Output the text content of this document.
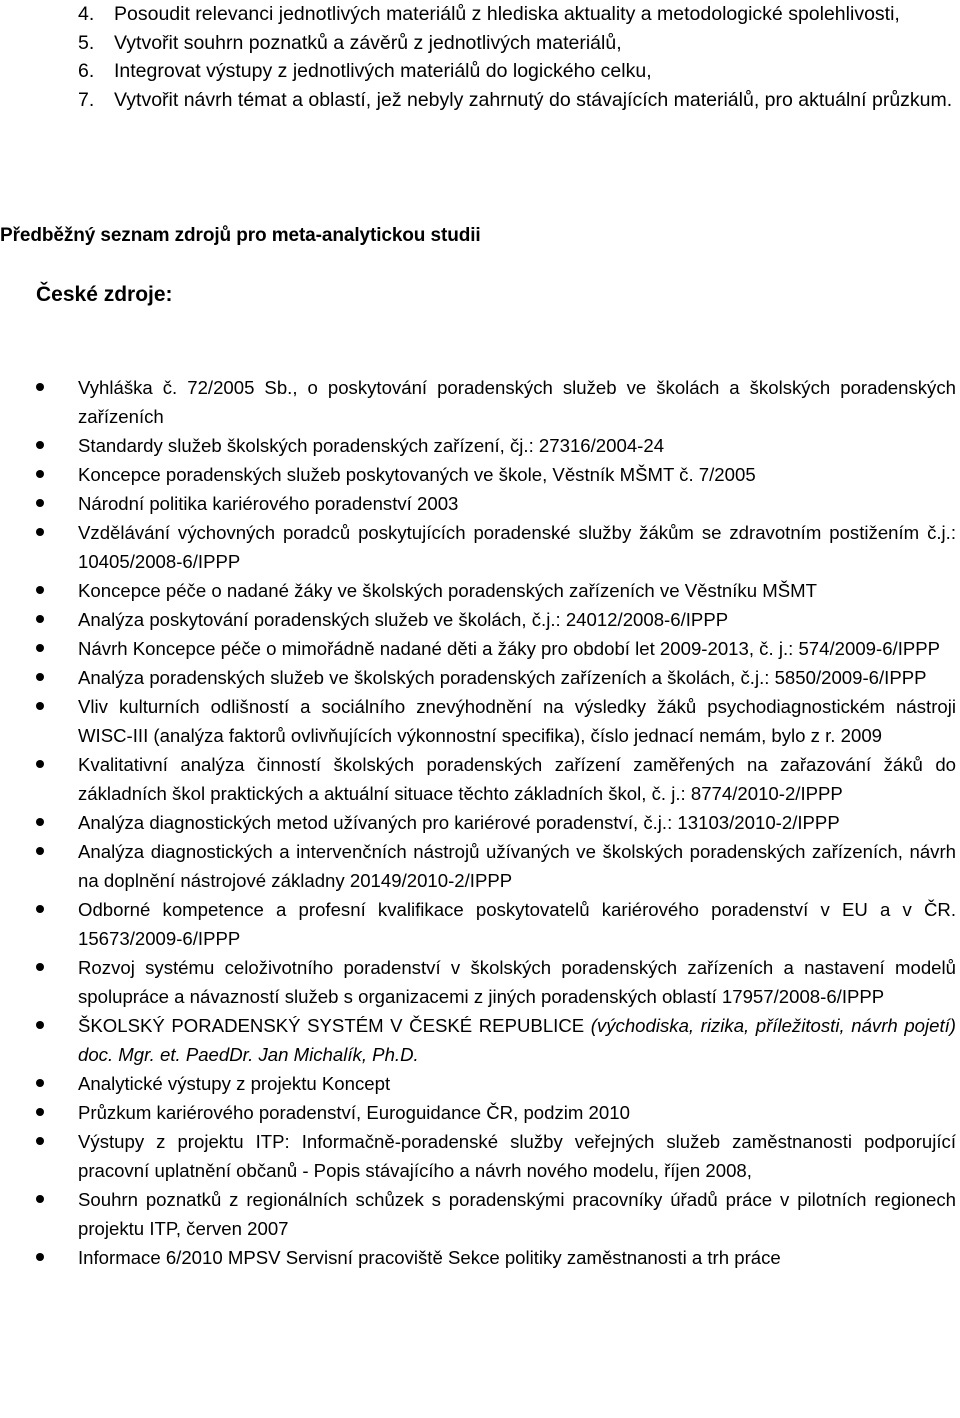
4. Posoudit relevanci jednotlivých materiálů z hlediska aktuality a metodologické spolehlivosti,
5. Vytvořit souhrn poznatků a závěrů z jednotlivých materiálů,
6. Integrovat výstupy z jednotlivých materiálů do logického celku,
7. Vytvořit návrh témat a oblastí, jež nebyly zahrnutý do stávajících materiálů, pro aktuální průzkum.
Předběžný seznam zdrojů pro meta-analytickou studii
České zdroje:
Vyhláška č. 72/2005 Sb., o poskytování poradenských služeb ve školách a školských poradenských zařízeních
Standardy služeb školských poradenských zařízení, čj.: 27316/2004-24
Koncepce poradenských služeb poskytovaných ve škole, Věstník MŠMT č. 7/2005
Národní politika kariérového poradenství 2003
Vzdělávání výchovných poradců poskytujících poradenské služby žákům se zdravotním postižením č.j.: 10405/2008-6/IPPP
Koncepce péče o nadané žáky ve školských poradenských zařízeních ve Věstníku MŠMT
Analýza poskytování poradenských služeb ve školách, č.j.: 24012/2008-6/IPPP
Návrh Koncepce péče o mimořádně nadané děti a žáky pro období let 2009-2013, č. j.: 574/2009-6/IPPP
Analýza poradenských služeb ve školských poradenských zařízeních a školách, č.j.: 5850/2009-6/IPPP
Vliv kulturních odlišností a sociálního znevýhodnění na výsledky žáků psychodiagnostickém nástroji WISC-III (analýza faktorů ovlivňujících výkonnostní specifika), číslo jednací nemám, bylo z r. 2009
Kvalitativní analýza činností školských poradenských zařízení zaměřených na zařazování žáků do základních škol praktických a aktuální situace těchto základních škol, č. j.: 8774/2010-2/IPPP
Analýza diagnostických metod užívaných pro kariérové poradenství, č.j.: 13103/2010-2/IPPP
Analýza diagnostických a intervenčních nástrojů užívaných ve školských poradenských zařízeních, návrh na doplnění nástrojové základny 20149/2010-2/IPPP
Odborné kompetence a profesní kvalifikace poskytovatelů kariérového poradenství v EU a v ČR. 15673/2009-6/IPPP
Rozvoj systému celoživotního poradenství v školských poradenských zařízeních a nastavení modelů spolupráce a návazností služeb s organizacemi z jiných poradenských oblastí 17957/2008-6/IPPP
ŠKOLSKÝ PORADENSKÝ SYSTÉM V ČESKÉ REPUBLICE (východiska, rizika, příležitosti, návrh pojetí) doc. Mgr. et. PaedDr. Jan Michalík, Ph.D.
Analytické výstupy z projektu Koncept
Průzkum kariérového poradenství, Euroguidance ČR, podzim 2010
Výstupy z projektu ITP: Informačně-poradenské služby veřejných služeb zaměstnanosti podporující pracovní uplatnění občanů - Popis stávajícího a návrh nového modelu, říjen 2008,
Souhrn poznatků z regionálních schůzek s poradenskými pracovníky úřadů práce v pilotních regionech projektu ITP, červen 2007
Informace 6/2010 MPSV Servisní pracoviště Sekce politiky zaměstnanosti a trh práce
